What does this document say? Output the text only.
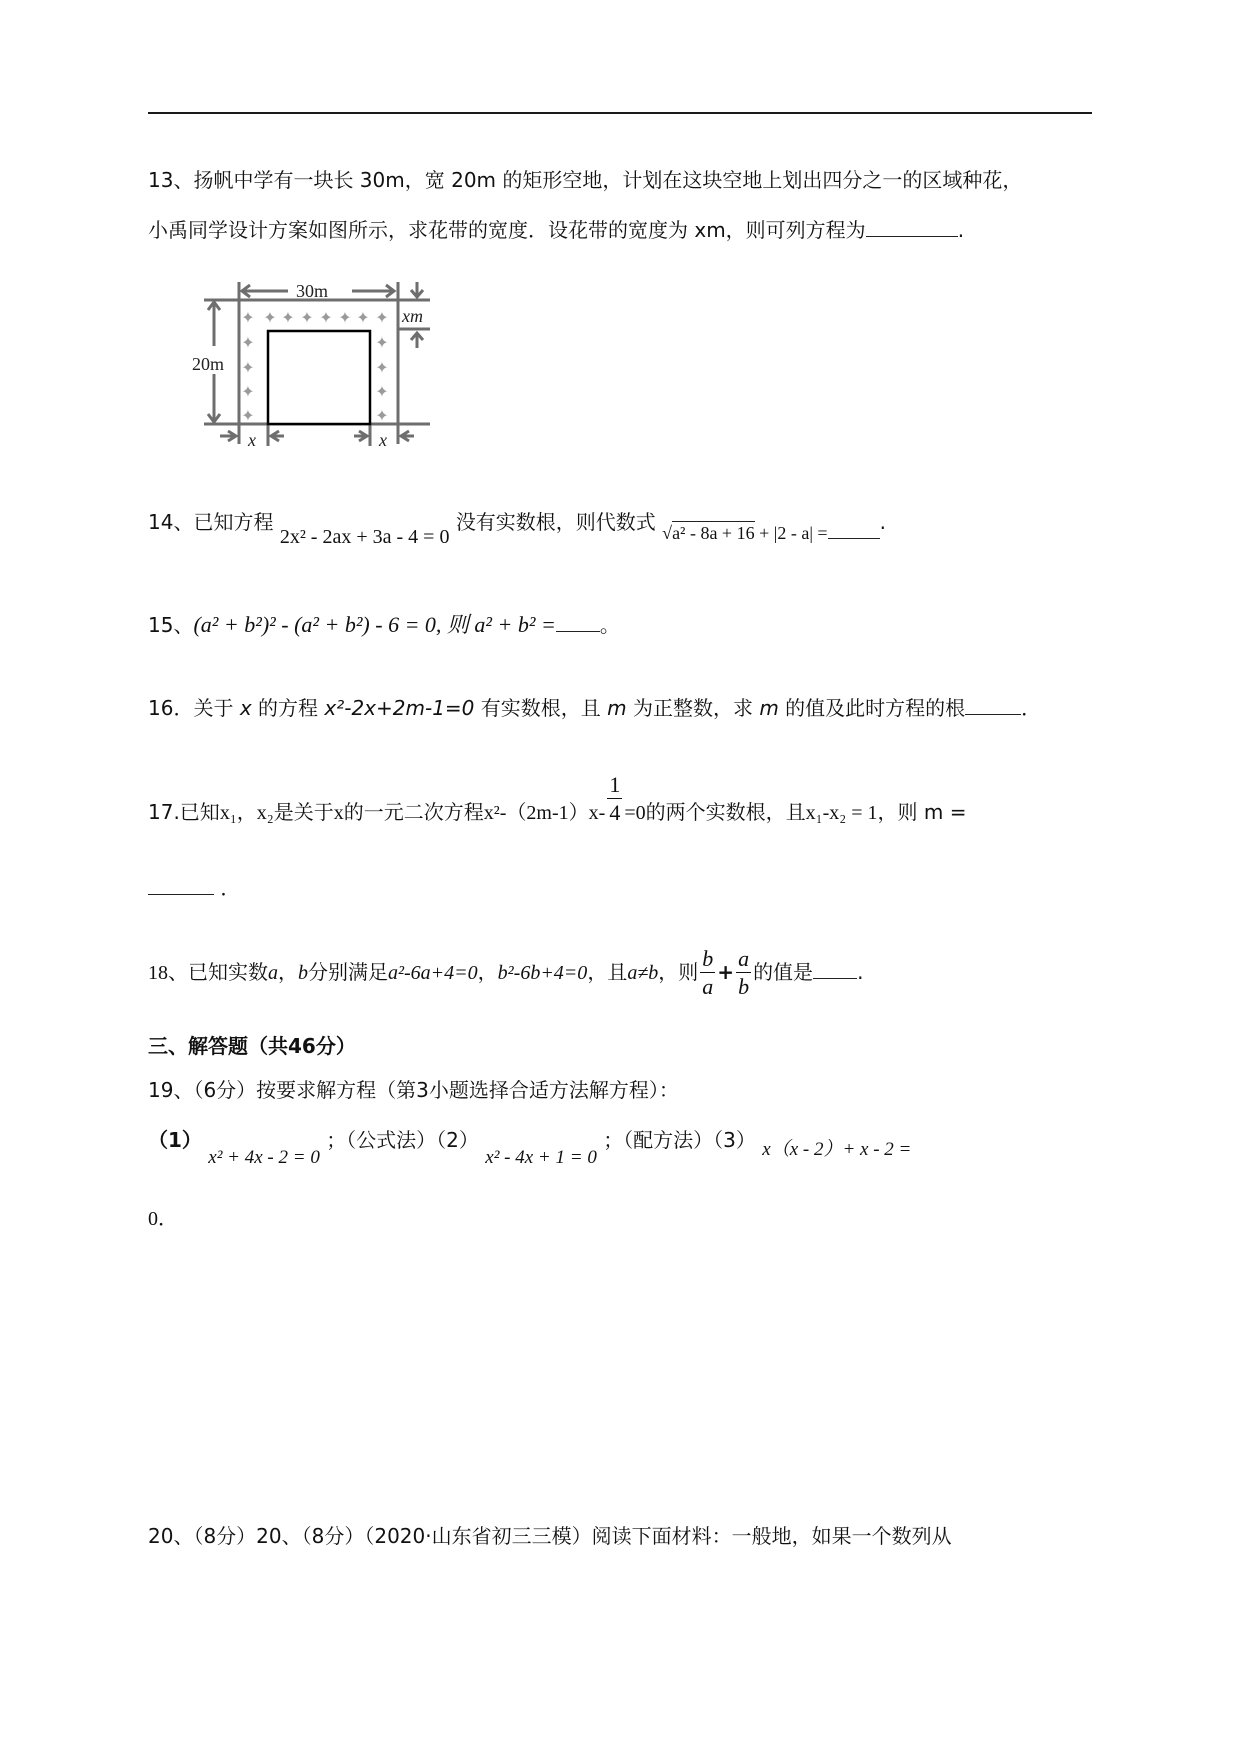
13、扬帆中学有一块长 30m，宽 20m 的矩形空地，计划在这块空地上划出四分之一的区域种花，
小禹同学设计方案如图所示，求花带的宽度．设花带的宽度为 xm，则可列方程为	.
✦ ✦ ✦ ✦ ✦ ✦ ✦ ✦
✦
✦
✦
✦
✦
✦
✦
✦
30m
20m
xm
x	x
14、已知方程 2x² - 2ax + 3a - 4 = 0 没有实数根，则代数式 √a² - 8a + 16 + |2 - a| =	.
15、(a² + b²)² - (a² + b²) - 6 = 0, 则 a² + b² = 。
16．关于 x 的方程 x²-2x+2m-1=0 有实数根，且 m 为正整数，求 m 的值及此时方程的根	．
17.已知x₁，x₂是关于x的一元二次方程$x^2-(2m-1)x- \frac{1}{4} =0$的两个实数根，且x₁-x₂ = 1，则 m =
．
18、已知实数a，b分别满足a²-6a+4=0，b²-6b+4=0，且a≠b，则 $\frac{b}{a} + \frac{a}{b}$ 的值是 .
三、解答题（共46分）
19、（6分）按要求解方程（第3小题选择合适方法解方程）：
（1） x² + 4x - 2 = 0 ；（公式法）（2） x² - 4x + 1 = 0 ；（配方法）（3） x（x - 2）+ x - 2 =
0．
20、（8分）20、（8分）（2020·山东省初三三模）阅读下面材料：一般地，如果一个数列从
